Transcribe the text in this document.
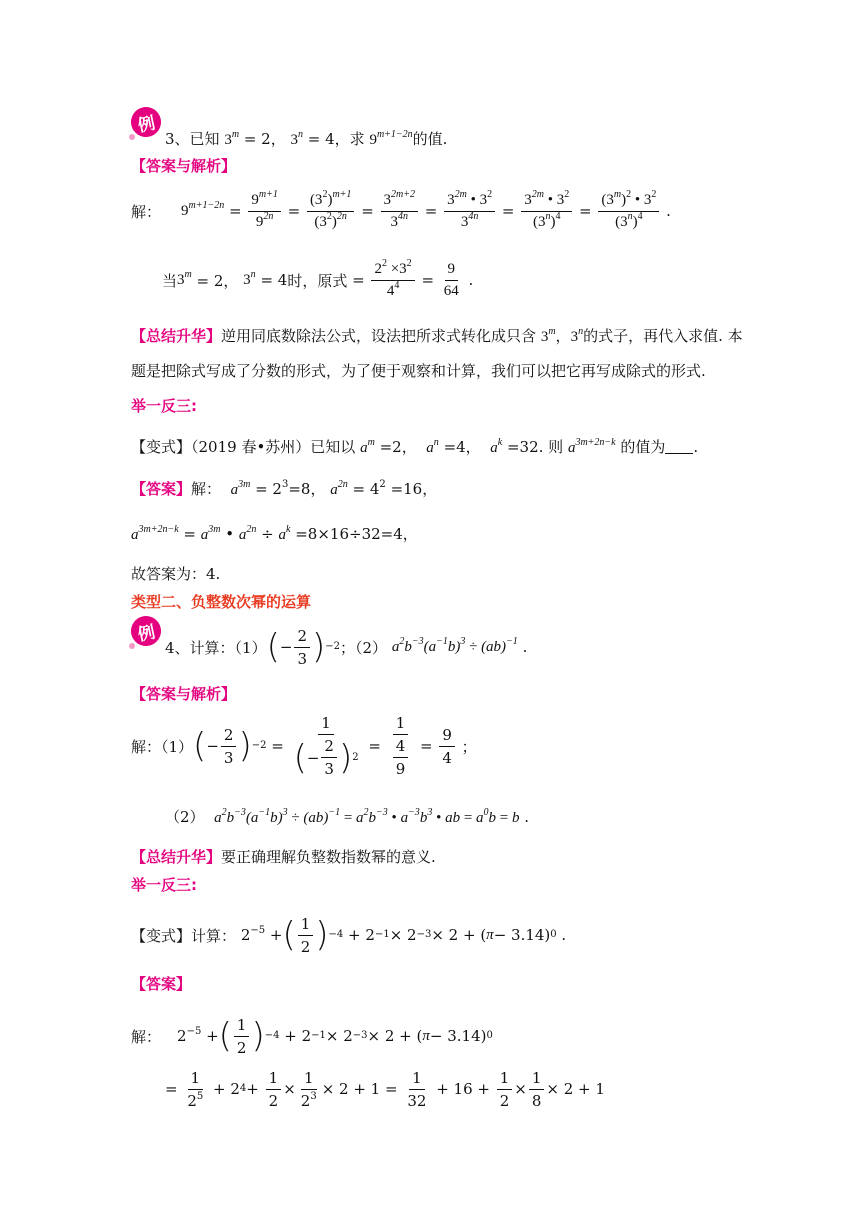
例
3、已知 $3^m = 2$， $3^n = 4$，求 $9^{m+1-2n}$的值.
【答案与解析】
解： $9^{m+1-2n} = \frac{9^{m+1}}{9^{2n}} = \frac{(3^2)^{m+1}}{(3^2)^{2n}} = \frac{3^{2m+2}}{3^{4n}} = \frac{3^{2m} • 3^2}{3^{4n}} = \frac{3^{2m} • 3^2}{(3^n)^4} = \frac{(3^m)^2 • 3^2}{(3^n)^4}$ .
当 $3^m = 2$， $3^n = 4$ 时，原式 = $\frac{2^2 \times 3^2}{4^4} = \frac{9}{64}$ .
【总结升华】逆用同底数除法公式，设法把所求式转化成只含 3$^m$，3$^n$的式子，再代入求值. 本
题是把除式写成了分数的形式，为了便于观察和计算，我们可以把它再写成除式的形式.
举一反三:
【变式】（2019 春•苏州）已知以 $a^m =2$， $a^n =4$， $a^k =32$. 则 $a^{3m+2n-k}$ 的值为 .
【答案】解： $a^{3m} = 2^3=8$， $a^{2n} = 4^2 =16$，
$a^{3m+2n-k} = a^{3m}$ • $a^{2n} \div a^k =8\times 16\div 32=4$，
故答案为：4.
类型二、负整数次幂的运算
例
4、计算：（1） ( − $\frac{2}{3}$ ) −2 ；（2）
$a^2b^{-3}(a^{-1}b)^3 \div (ab)^{-1}$ .
【答案与解析】
解：（1） ( − $\frac{2}{3}$ ) $-2 = \frac{1}{( - \frac{2}{3} ) 2} = \frac{1}{\frac{4}{9}} = \frac{9}{4}$ ；
（2） $a^2b^{-3}(a^{-1}b)^3 \div (ab)^{-1} = a^2b^{-3}$ • $a^{-3}b^3$ • ab = $a^0b = b$ .
【总结升华】要正确理解负整数指数幂的意义.
举一反三:
【变式】 计算：
$2^{-5}$ + ( $\frac{1}{2}$ ) −4 + 2 −1 × 2 −3 × 2 + ( π − 3.14) 0 .
【答案】
解： $2^{-5}$ + ( $\frac{1}{2}$ ) −4 + 2 −1 × 2 −3 × 2 + ( π − 3.14) 0
= $\frac{1}{2^5} + 2$ $4 + \frac{1}{2} \times \frac{1}{2^3} \times 2 + 1 = \frac{1}{32} + 16 + \frac{1}{2} \times \frac{1}{8} \times 2 + 1$
